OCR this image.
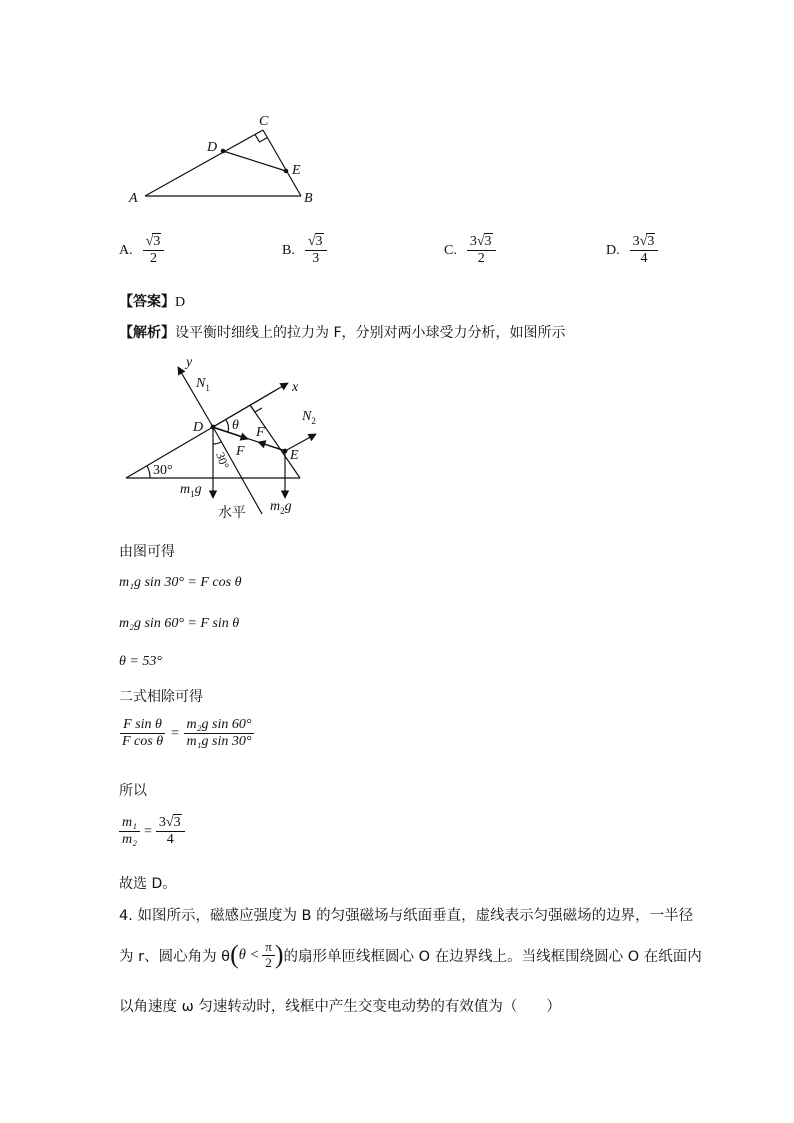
A	B
C
D
E
A. $\frac{√3}{2}$	B. $\frac{√3}{3}$	C. $\frac{3√3}{2}$	D. $\frac{3√3}{4}$
【答案】D
【解析】设平衡时细线上的拉力为 F，分别对两小球受力分析，如图所示
y
x
$N_1$
$N_2$
D
E
θ F
F
30°	30°
$m_1g$
$m_2g$
水平
由图可得
m₁g sin 30° = F cos θ
m₂g sin 60° = F sin θ
θ = 53°
二式相除可得
$\frac{\text{F sin θ}}{\text{F cos θ}} = \frac{\text{m₂g sin 60°}}{\text{m₁g sin 30°}}$
所以
$\frac{\text{m₁}}{\text{m₂}} = \frac{3√3}{4}$
故选 D。
4. 如图所示，磁感应强度为 B 的匀强磁场与纸面垂直，虚线表示匀强磁场的边界，一半径
为 r、圆心角为 θ ( $\theta < \frac{\pi}{2}$ ) 的扇形单匝线框圆心 O 在边界线上。当线框围绕圆心 O 在纸面内
以角速度 ω 匀速转动时，线框中产生交变电动势的有效值为（　　）
